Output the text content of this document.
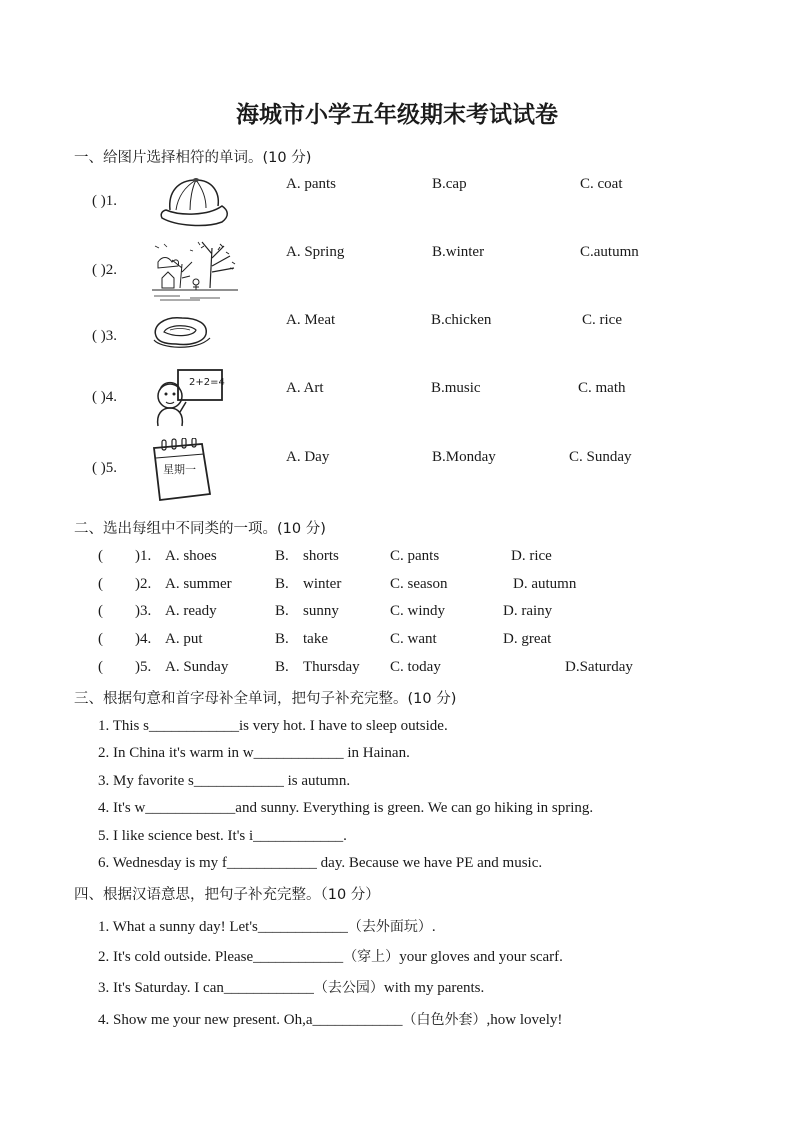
海城市小学五年级期末考试试卷
一、给图片选择相符的单词。(10 分)
( )1.
A. pants	B.cap	C. coat
( )2.
A. Spring	B.winter	C.autumn
( )3.
A. Meat	B.chicken	C. rice
( )4.
2+2=4	A. Art	B.music	C. math
( )5.	星期一
A. Day	B.Monday	C. Sunday
二、选出每组中不同类的一项。(10 分)
( )1. A. shoes	B. shorts	C. pants	D. rice
( )2. A. summer	B. winter	C. season	D. autumn
( )3. A. ready	B. sunny	C. windy	D. rainy
( )4. A. put	B. take	C. want	D. great
( )5. A. Sunday	B. Thursday C. today	D.Saturday
三、根据句意和首字母补全单词，把句子补充完整。(10 分)
1. This s____________is very hot. I have to sleep outside.
2. In China it's warm in w____________ in Hainan.
3. My favorite s____________ is autumn.
4. It's w____________and sunny. Everything is green. We can go hiking in spring.
5. I like science best. It's i____________.
6. Wednesday is my f____________ day. Because we have PE and music.
四、根据汉语意思，把句子补充完整。（10 分）
1. What a sunny day! Let's____________（去外面玩）.
2. It's cold outside. Please____________（穿上）your gloves and your scarf.
3. It's Saturday. I can____________（去公园）with my parents.
4. Show me your new present. Oh,a____________（白色外套）,how lovely!
